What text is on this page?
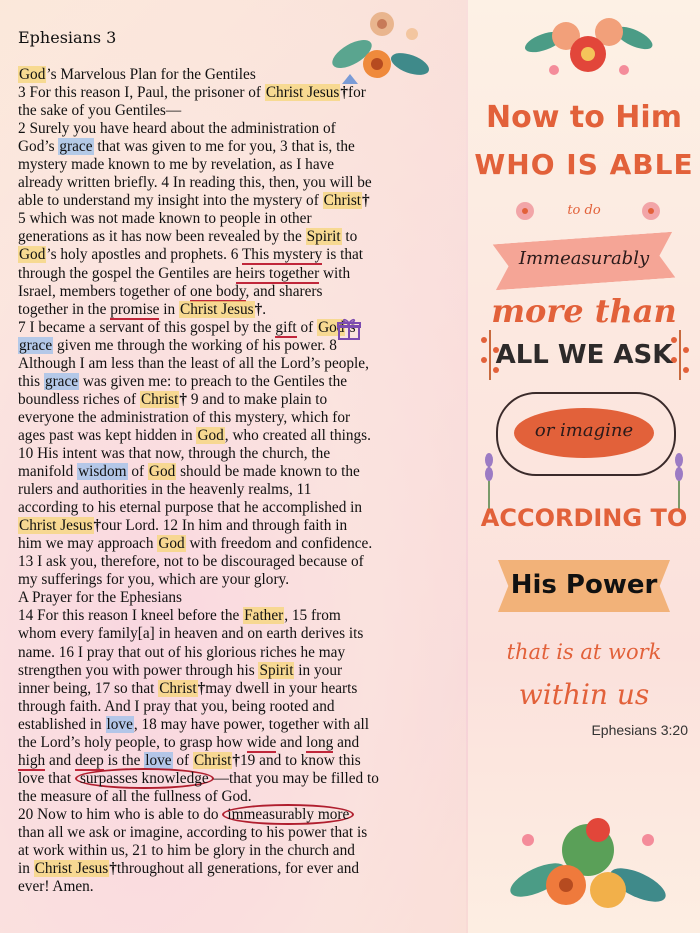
Ephesians 3
God’s Marvelous Plan for the Gentiles
3 For this reason I, Paul, the prisoner of Christ Jesus†for
the sake of you Gentiles—
2 Surely you have heard about the administration of
God’s grace that was given to me for you, 3 that is, the
mystery made known to me by revelation, as I have
already written briefly. 4 In reading this, then, you will be
able to understand my insight into the mystery of Christ†
5 which was not made known to people in other
generations as it has now been revealed by the Spirit to
God’s holy apostles and prophets. 6 This mystery is that
through the gospel the Gentiles are heirs together with
Israel, members together of one body, and sharers
together in the promise in Christ Jesus†.
7 I became a servant of this gospel by the gift of God’s
grace given me through the working of his power. 8
Although I am less than the least of all the Lord’s people,
this grace was given me: to preach to the Gentiles the
boundless riches of Christ† 9 and to make plain to
everyone the administration of this mystery, which for
ages past was kept hidden in God, who created all things.
10 His intent was that now, through the church, the
manifold wisdom of God should be made known to the
rulers and authorities in the heavenly realms, 11
according to his eternal purpose that he accomplished in
Christ Jesus†our Lord. 12 In him and through faith in
him we may approach God with freedom and confidence.
13 I ask you, therefore, not to be discouraged because of
my sufferings for you, which are your glory.
A Prayer for the Ephesians
14 For this reason I kneel before the Father, 15 from
whom every family[a] in heaven and on earth derives its
name. 16 I pray that out of his glorious riches he may
strengthen you with power through his Spirit in your
inner being, 17 so that Christ†may dwell in your hearts
through faith. And I pray that you, being rooted and
established in love, 18 may have power, together with all
the Lord’s holy people, to grasp how wide and long and
high and deep is the love of Christ†19 and to know this
love that surpasses knowledge —that you may be filled to
the measure of all the fullness of God.
20 Now to him who is able to do immeasurably more
than all we ask or imagine, according to his power that is
at work within us, 21 to him be glory in the church and
in Christ Jesus†throughout all generations, for ever and
ever! Amen.
Now to Him
WHO IS ABLE
to do
Immeasurably
more than
ALL WE ASK
or imagine
ACCORDING TO
His Power
that is at work
within us
Ephesians 3:20
